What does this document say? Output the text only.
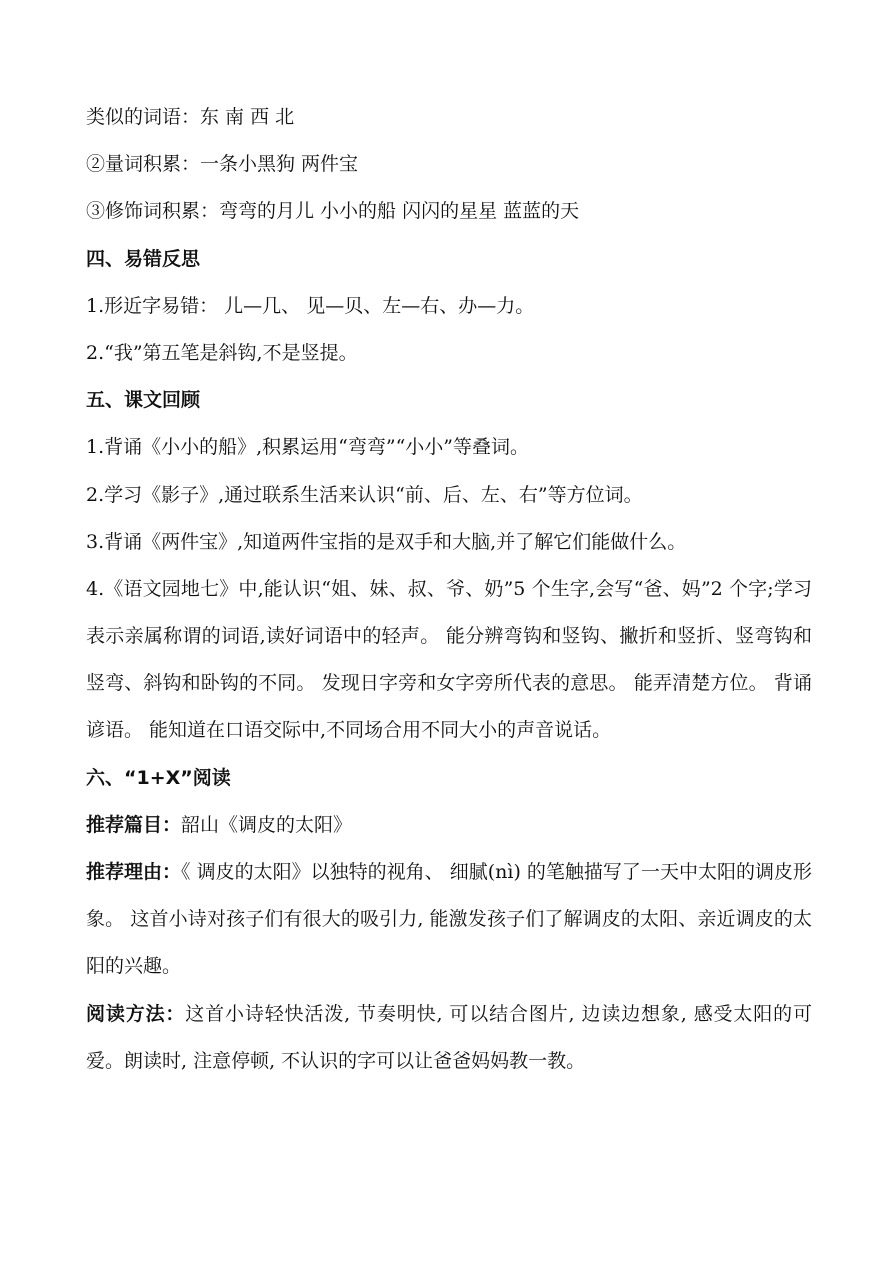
类似的词语：东 南 西 北

②量词积累：一条小黑狗 两件宝

③修饰词积累：弯弯的月儿 小小的船 闪闪的星星 蓝蓝的天

四、易错反思

1.形近字易错： 儿—几、 见—贝、左—右、办—力。

2.“我”第五笔是斜钩,不是竖提。

五、课文回顾

1.背诵《小小的船》,积累运用“弯弯”“小小”等叠词。

2.学习《影子》,通过联系生活来认识“前、后、左、右”等方位词。

3.背诵《两件宝》,知道两件宝指的是双手和大脑,并了解它们能做什么。

4.《语文园地七》中,能认识“姐、妹、叔、爷、奶”5 个生字,会写“爸、妈”2 个字;学习表示亲属称谓的词语,读好词语中的轻声。 能分辨弯钩和竖钩、撇折和竖折、竖弯钩和竖弯、斜钩和卧钩的不同。 发现日字旁和女字旁所代表的意思。 能弄清楚方位。 背诵谚语。 能知道在口语交际中,不同场合用不同大小的声音说话。

六、“1+X”阅读

推荐篇目：韶山《调皮的太阳》

推荐理由：《 调皮的太阳》以独特的视角、 细腻(nì) 的笔触描写了一天中太阳的调皮形象。 这首小诗对孩子们有很大的吸引力, 能激发孩子们了解调皮的太阳、亲近调皮的太阳的兴趣。

阅读方法：这首小诗轻快活泼, 节奏明快, 可以结合图片, 边读边想象, 感受太阳的可爱。朗读时, 注意停顿, 不认识的字可以让爸爸妈妈教一教。
